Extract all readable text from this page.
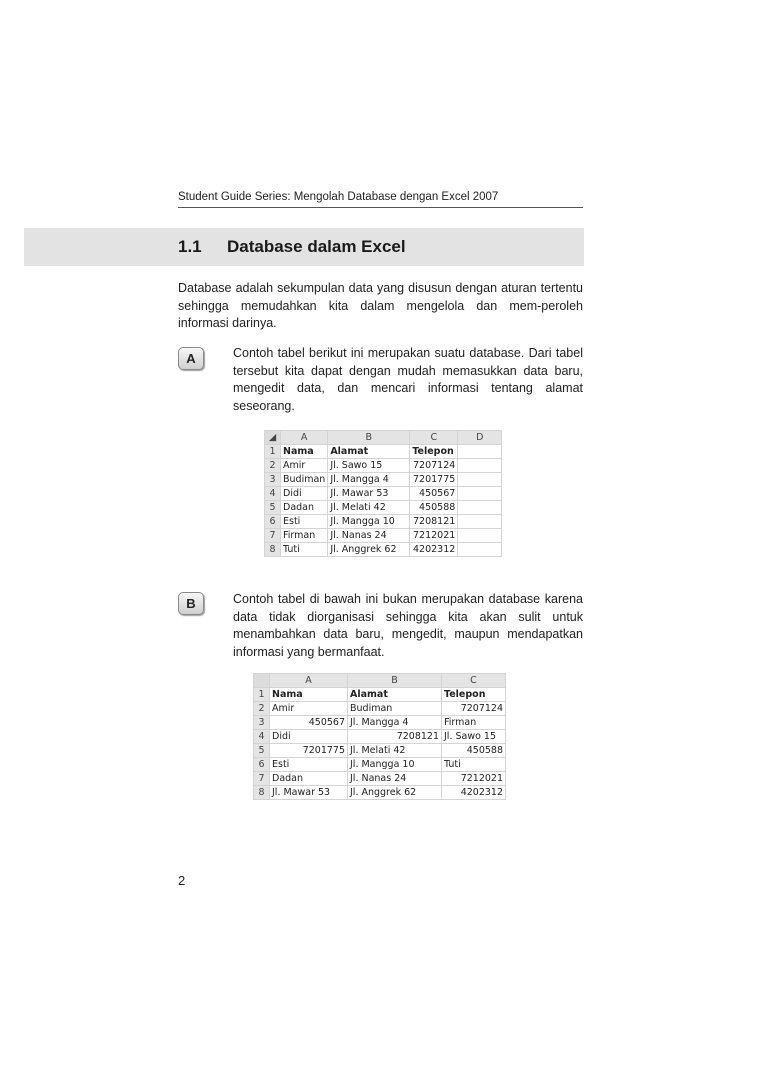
Student Guide Series: Mengolah Database dengan Excel 2007
1.1 Database dalam Excel

Database adalah sekumpulan data yang disusun dengan aturan tertentu sehingga memudahkan kita dalam mengelola dan mem-peroleh informasi darinya.

A	Contoh tabel berikut ini merupakan suatu database. Dari tabel tersebut kita dapat dengan mudah memasukkan data baru, mengedit data, dan mencari informasi tentang alamat seseorang.

◢	A	B	C	D
1	Nama	Alamat	Telepon	
2	Amir	Jl. Sawo 15	7207124	
3	Budiman	Jl. Mangga 4	7201775	
4	Didi	Jl. Mawar 53	450567	
5	Dadan	Jl. Melati 42	450588	
6	Esti	Jl. Mangga 10	7208121	
7	Firman	Jl. Nanas 24	7212021	
8	Tuti	Jl. Anggrek 62	4202312	
B	Contoh tabel di bawah ini bukan merupakan database karena data tidak diorganisasi sehingga kita akan sulit untuk menambahkan data baru, mengedit, maupun mendapatkan informasi yang bermanfaat.

	A	B	C
1	Nama	Alamat	Telepon
2	Amir	Budiman	7207124
3	450567	Jl. Mangga 4	Firman
4	Didi	7208121	Jl. Sawo 15
5	7201775	Jl. Melati 42	450588
6	Esti	Jl. Mangga 10	Tuti
7	Dadan	Jl. Nanas 24	7212021
8	Jl. Mawar 53	Jl. Anggrek 62	4202312
2
